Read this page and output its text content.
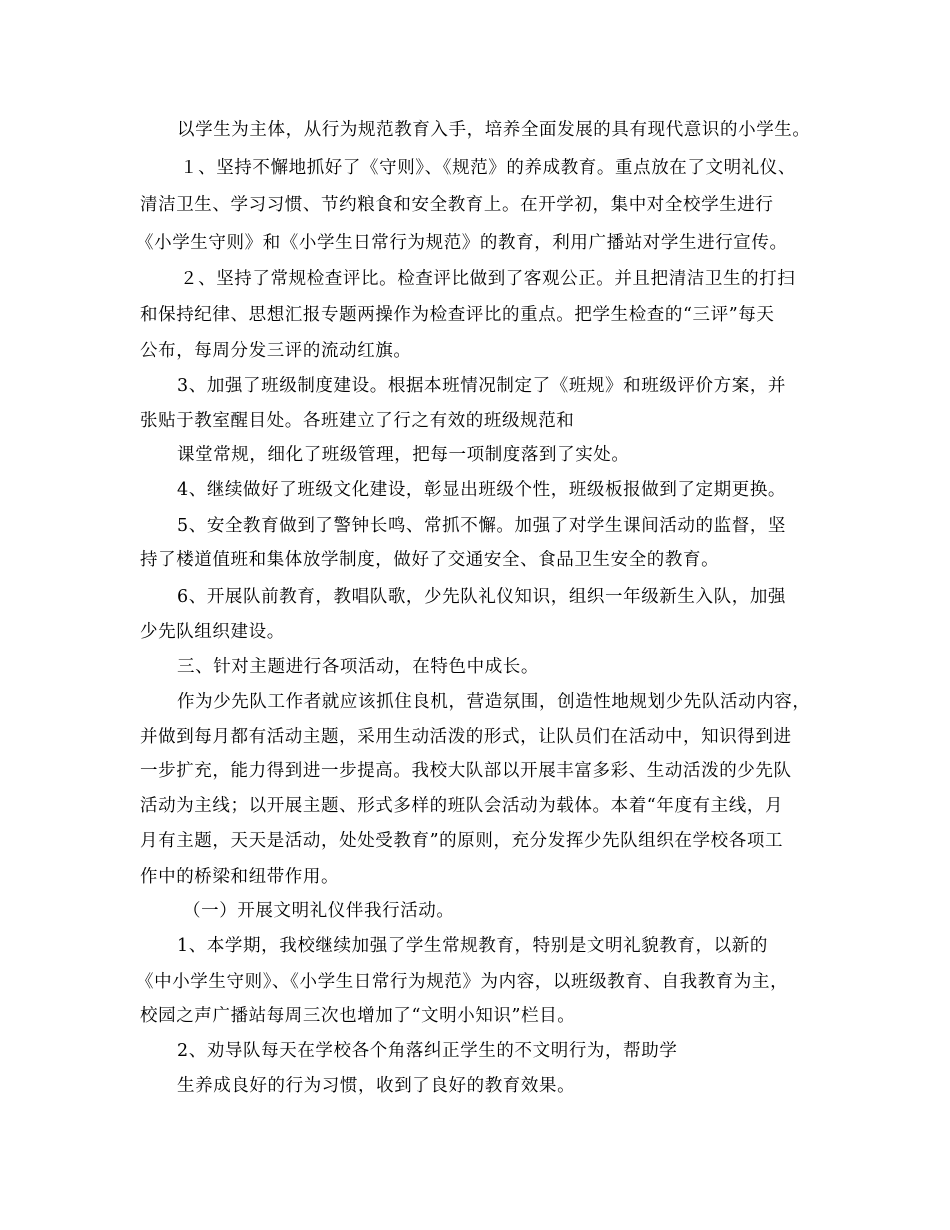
以学生为主体，从行为规范教育入手，培养全面发展的具有现代意识的小学生。
１、坚持不懈地抓好了《守则》、《规范》的养成教育。重点放在了文明礼仪、
清洁卫生、学习习惯、节约粮食和安全教育上。在开学初，集中对全校学生进行
《小学生守则》和《小学生日常行为规范》的教育，利用广播站对学生进行宣传。
２、坚持了常规检查评比。检查评比做到了客观公正。并且把清洁卫生的打扫
和保持纪律、思想汇报专题两操作为检查评比的重点。把学生检查的“三评”每天
公布，每周分发三评的流动红旗。
3、加强了班级制度建设。根据本班情况制定了《班规》和班级评价方案，并
张贴于教室醒目处。各班建立了行之有效的班级规范和
课堂常规，细化了班级管理，把每一项制度落到了实处。
4、继续做好了班级文化建设，彰显出班级个性，班级板报做到了定期更换。
5、安全教育做到了警钟长鸣、常抓不懈。加强了对学生课间活动的监督，坚
持了楼道值班和集体放学制度，做好了交通安全、食品卫生安全的教育。
6、开展队前教育，教唱队歌，少先队礼仪知识，组织一年级新生入队，加强
少先队组织建设。
三、针对主题进行各项活动，在特色中成长。
作为少先队工作者就应该抓住良机，营造氛围，创造性地规划少先队活动内容，
并做到每月都有活动主题，采用生动活泼的形式，让队员们在活动中，知识得到进
一步扩充，能力得到进一步提高。我校大队部以开展丰富多彩、生动活泼的少先队
活动为主线；以开展主题、形式多样的班队会活动为载体。本着“年度有主线，月
月有主题，天天是活动，处处受教育”的原则，充分发挥少先队组织在学校各项工
作中的桥梁和纽带作用。
（一）开展文明礼仪伴我行活动。
1、本学期，我校继续加强了学生常规教育，特别是文明礼貌教育，以新的
《中小学生守则》、《小学生日常行为规范》为内容，以班级教育、自我教育为主，
校园之声广播站每周三次也增加了“文明小知识”栏目。
2、劝导队每天在学校各个角落纠正学生的不文明行为，帮助学
生养成良好的行为习惯，收到了良好的教育效果。
